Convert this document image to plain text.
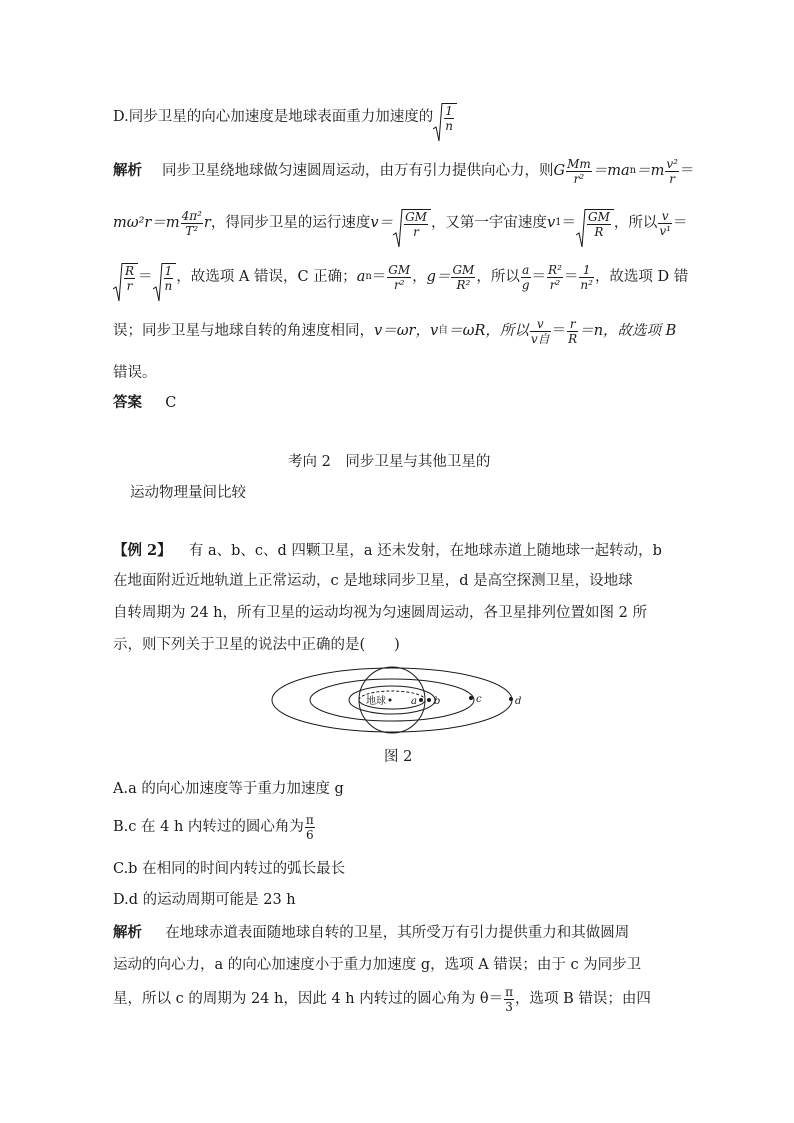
D.同步卫星的向心加速度是地球表面重力加速度的 $\frac{1}{n}$
解析 同步卫星绕地球做匀速圆周运动，由万有引力提供向心力，则 G $\frac{Mm}{\text{r²}} =ma$ $n =m \frac{\text{v²}}{r}$ ＝
$m\omega^2r=m \frac{\text{4π²}}{\text{T²}}$ r ，得同步卫星的运行速度 $v= \frac{GM}{r}$ ，又第一宇宙速度 v $1 = \frac{GM}{R}$ ，所以 $\frac{v}{\text{v¹}}$ ＝
$\frac{R}{r} = \frac{1}{n}$ ，故选项 A 错误，C 正确； a $n = \frac{GM}{\text{r²}}$ ， $g= \frac{GM}{\text{R²}}$ ，所以 $\frac{a}{g} = \frac{\text{R²}}{\text{r²}} = \frac{1}{\text{n²}}$ ，故选项 D 错
误；同步卫星与地球自转的角速度相同， v＝ωr，v 自 ＝ωR，所以 $\frac{v}{\text{v自}} = \frac{r}{R} =n$，故选项 B
错误。
答案 C
考向 2　同步卫星与其他卫星的
运动物理量间比较
【例 2】 有 a、b、c、d 四颗卫星，a 还未发射，在地球赤道上随地球一起转动，b
在地面附近近地轨道上正常运动，c 是地球同步卫星，d 是高空探测卫星，设地球
自转周期为 24 h，所有卫星的运动均视为匀速圆周运动，各卫星排列位置如图 2 所
示，则下列关于卫星的说法中正确的是(　　)
地球	a b	c	d
图 2
A.a 的向心加速度等于重力加速度 g
B.c 在 4 h 内转过的圆心角为 $\frac{\pi}{6}$
C.b 在相同的时间内转过的弧长最长
D.d 的运动周期可能是 23 h
解析 在地球赤道表面随地球自转的卫星，其所受万有引力提供重力和其做圆周
运动的向心力，a 的向心加速度小于重力加速度 g，选项 A 错误；由于 c 为同步卫
星，所以 c 的周期为 24 h，因此 4 h 内转过的圆心角为 $\theta= \frac{\pi}{3}$ ，选项 B 错误；由四
